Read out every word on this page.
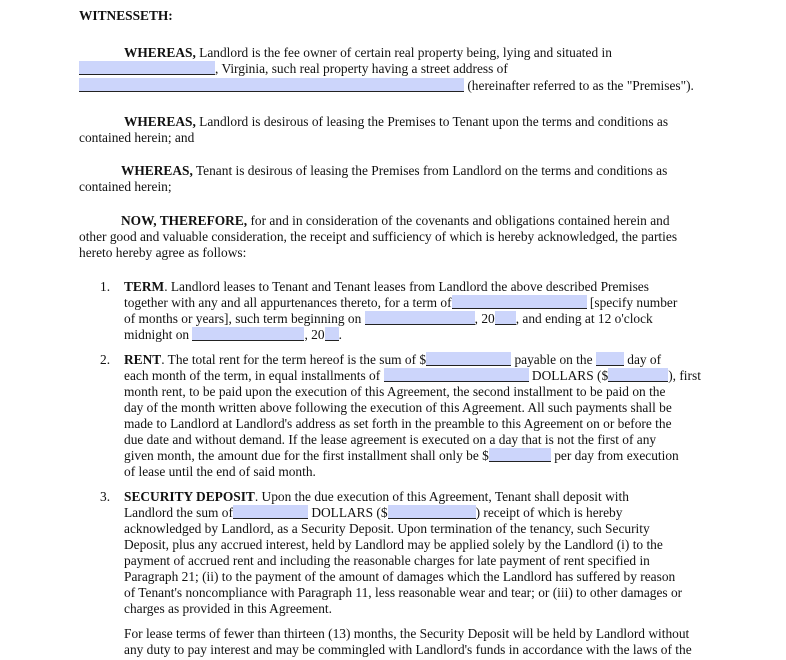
WITNESSETH:
WHEREAS, Landlord is the fee owner of certain real property being, lying and situated in
, Virginia, such real property having a street address of
(hereinafter referred to as the "Premises").
WHEREAS, Landlord is desirous of leasing the Premises to Tenant upon the terms and conditions as
contained herein; and
WHEREAS, Tenant is desirous of leasing the Premises from Landlord on the terms and conditions as
contained herein;
NOW, THEREFORE, for and in consideration of the covenants and obligations contained herein and
other good and valuable consideration, the receipt and sufficiency of which is hereby acknowledged, the parties
hereto hereby agree as follows:
1. TERM. Landlord leases to Tenant and Tenant leases from Landlord the above described Premises
together with any and all appurtenances thereto, for a term of	[specify number
of months or years], such term beginning on	, 20 , and ending at 12 o'clock
midnight on	, 20 .
2. RENT. The total rent for the term hereof is the sum of $	payable on the  day of
each month of the term, in equal installments of	DOLLARS ($	), first
month rent, to be paid upon the execution of this Agreement, the second installment to be paid on the
day of the month written above following the execution of this Agreement. All such payments shall be
made to Landlord at Landlord's address as set forth in the preamble to this Agreement on or before the
due date and without demand. If the lease agreement is executed on a day that is not the first of any
given month, the amount due for the first installment shall only be $	per day from execution
of lease until the end of said month.
3. SECURITY DEPOSIT. Upon the due execution of this Agreement, Tenant shall deposit with
Landlord the sum of	DOLLARS ($	) receipt of which is hereby
acknowledged by Landlord, as a Security Deposit. Upon termination of the tenancy, such Security
Deposit, plus any accrued interest, held by Landlord may be applied solely by the Landlord (i) to the
payment of accrued rent and including the reasonable charges for late payment of rent specified in
Paragraph 21; (ii) to the payment of the amount of damages which the Landlord has suffered by reason
of Tenant's noncompliance with Paragraph 11, less reasonable wear and tear; or (iii) to other damages or
charges as provided in this Agreement.
For lease terms of fewer than thirteen (13) months, the Security Deposit will be held by Landlord without
any duty to pay interest and may be commingled with Landlord's funds in accordance with the laws of the
